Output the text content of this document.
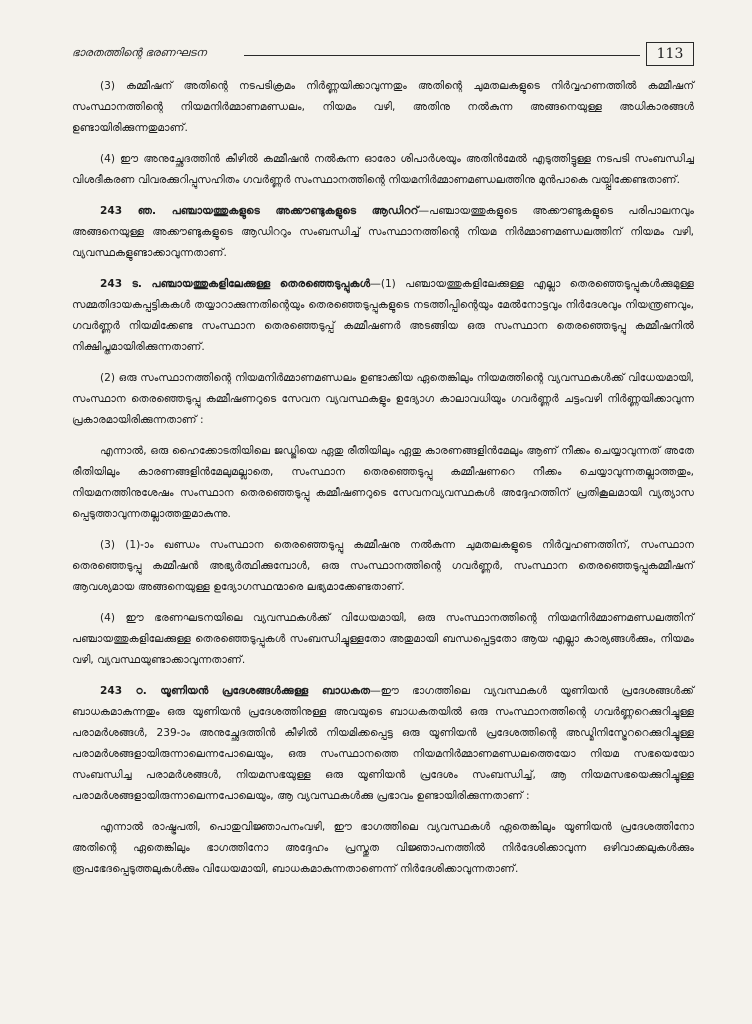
ഭാരതത്തിന്റെ ഭരണഘടന	113

(3) കമ്മീഷന് അതിന്റെ നടപടിക്രമം നിർണ്ണയിക്കാവുന്നതും അതിന്റെ ചുമതലകളുടെ നിർവ്വഹണത്തിൽ കമ്മീഷന് സംസ്ഥാനത്തിന്റെ നിയമനിർമ്മാണമണ്ഡലം, നിയമം വഴി, അതിനു നൽകുന്ന അങ്ങനെയുള്ള അധികാരങ്ങൾ ഉണ്ടായിരിക്കുന്നതുമാണ്.

(4) ഈ അനുച്ഛേദത്തിൻ കീഴിൽ കമ്മീഷൻ നൽകുന്ന ഓരോ ശിപാർശയും അതിൻമേൽ എടുത്തിട്ടുള്ള നടപടി സംബന്ധിച്ച വിശദീകരണ വിവരക്കുറിപ്പുസഹിതം ഗവർണ്ണർ സംസ്ഥാനത്തിന്റെ നിയമനിർമ്മാണമണ്ഡലത്തിനു മുൻപാകെ വയ്പ്പിക്കേണ്ടതാണ്.

243 ഞ. പഞ്ചായത്തുകളുടെ അക്കൗണ്ടുകളുടെ ആഡിററ്—പഞ്ചായത്തുകളുടെ അക്കൗണ്ടുകളുടെ പരിപാലനവും അങ്ങനെയുള്ള അക്കൗണ്ടുകളുടെ ആഡിററും സംബന്ധിച്ച് സംസ്ഥാനത്തിന്റെ നിയമ നിർമ്മാണമണ്ഡലത്തിന് നിയമം വഴി, വ്യവസ്ഥകളുണ്ടാക്കാവുന്നതാണ്.

243 ട. പഞ്ചായത്തുകളിലേക്കുള്ള തെരഞ്ഞെടുപ്പുകൾ—(1) പഞ്ചായത്തുകളിലേക്കുള്ള എല്ലാ തെരഞ്ഞെടുപ്പുകൾക്കുമുള്ള സമ്മതിദായകപ്പട്ടികകൾ തയ്യാറാക്കുന്നതിന്റെയും തെരഞ്ഞെടുപ്പുകളുടെ നടത്തിപ്പിന്റെയും മേൽനോട്ടവും നിർദേശവും നിയന്ത്രണവും, ഗവർണ്ണർ നിയമിക്കേണ്ട സംസ്ഥാന തെരഞ്ഞെടുപ്പ് കമ്മീഷണർ അടങ്ങിയ ഒരു സംസ്ഥാന തെരഞ്ഞെടുപ്പു കമ്മീഷനിൽ നിക്ഷിപ്തമായിരിക്കുന്നതാണ്.

(2) ഒരു സംസ്ഥാനത്തിന്റെ നിയമനിർമ്മാണമണ്ഡലം ഉണ്ടാക്കിയ ഏതെങ്കിലും നിയമത്തിന്റെ വ്യവസ്ഥകൾക്ക് വിധേയമായി, സംസ്ഥാന തെരഞ്ഞെടുപ്പു കമ്മീഷണറുടെ സേവന വ്യവസ്ഥകളും ഉദ്യോഗ കാലാവധിയും ഗവർണ്ണർ ചട്ടംവഴി നിർണ്ണയിക്കാവുന്ന പ്രകാരമായിരിക്കുന്നതാണ് :

എന്നാൽ, ഒരു ഹൈക്കോടതിയിലെ ജഡ്ജിയെ ഏതു രീതിയിലും ഏതു കാരണങ്ങളിൻമേലും ആണ് നീക്കം ചെയ്യാവുന്നത് അതേ രീതിയിലും കാരണങ്ങളിൻമേലുമല്ലാതെ, സംസ്ഥാന തെരഞ്ഞെടുപ്പു കമ്മീഷണറെ നീക്കം ചെയ്യാവുന്നതല്ലാത്തതും, നിയമനത്തിനുശേഷം സംസ്ഥാന തെരഞ്ഞെടുപ്പു കമ്മീഷണറുടെ സേവനവ്യവസ്ഥകൾ അദ്ദേഹത്തിന് പ്രതികൂലമായി വ്യത്യാസ പ്പെടുത്താവുന്നതല്ലാത്തതുമാകുന്നു.

(3) (1)-ാം ഖണ്ഡം സംസ്ഥാന തെരഞ്ഞെടുപ്പു കമ്മീഷനു നൽകുന്ന ചുമതലകളുടെ നിർവ്വഹണത്തിന്, സംസ്ഥാന തെരഞ്ഞെടുപ്പു കമ്മീഷൻ അഭ്യർത്ഥിക്കുമ്പോൾ, ഒരു സംസ്ഥാനത്തിന്റെ ഗവർണ്ണർ, സംസ്ഥാന തെരഞ്ഞെടുപ്പുകമ്മീഷന് ആവശ്യമായ അങ്ങനെയുള്ള ഉദ്യോഗസ്ഥന്മാരെ ലഭ്യമാക്കേണ്ടതാണ്.

(4) ഈ ഭരണഘടനയിലെ വ്യവസ്ഥകൾക്ക് വിധേയമായി, ഒരു സംസ്ഥാനത്തിന്റെ നിയമനിർമ്മാണമണ്ഡലത്തിന് പഞ്ചായത്തുകളിലേക്കുള്ള തെരഞ്ഞെടുപ്പുകൾ സംബന്ധിച്ചുള്ളതോ അതുമായി ബന്ധപ്പെട്ടതോ ആയ എല്ലാ കാര്യങ്ങൾക്കും, നിയമം വഴി, വ്യവസ്ഥയുണ്ടാക്കാവുന്നതാണ്.

243 ഠ. യൂണിയൻ പ്രദേശങ്ങൾക്കുള്ള ബാധകത—ഈ ഭാഗത്തിലെ വ്യവസ്ഥകൾ യൂണിയൻ പ്രദേശങ്ങൾക്ക് ബാധകമാകുന്നതും ഒരു യൂണിയൻ പ്രദേശത്തിനുള്ള അവയുടെ ബാധകതയിൽ ഒരു സംസ്ഥാനത്തിന്റെ ഗവർണ്ണറെക്കുറിച്ചുള്ള പരാമർശങ്ങൾ, 239-ാം അനുച്ഛേദത്തിൻ കീഴിൽ നിയമിക്കപ്പെട്ട ഒരു യൂണിയൻ പ്രദേശത്തിന്റെ അഡ്മിനിസ്ട്രേററെക്കുറിച്ചുള്ള പരാമർശങ്ങളായിരുന്നാലെന്നപോലെയും, ഒരു സംസ്ഥാനത്തെ നിയമനിർമ്മാണമണ്ഡലത്തെയോ നിയമ സഭയെയോ സംബന്ധിച്ച പരാമർശങ്ങൾ, നിയമസഭയുള്ള ഒരു യൂണിയൻ പ്രദേശം സംബന്ധിച്ച്, ആ നിയമസഭയെക്കുറിച്ചുള്ള പരാമർശങ്ങളായിരുന്നാലെന്നപോലെയും, ആ വ്യവസ്ഥകൾക്കു പ്രഭാവം ഉണ്ടായിരിക്കുന്നതാണ് :

എന്നാൽ രാഷ്ട്രപതി, പൊതുവിജ്ഞാപനംവഴി, ഈ ഭാഗത്തിലെ വ്യവസ്ഥകൾ ഏതെങ്കിലും യൂണിയൻ പ്രദേശത്തിനോ അതിന്റെ ഏതെങ്കിലും ഭാഗത്തിനോ അദ്ദേഹം പ്രസ്തുത വിജ്ഞാപനത്തിൽ നിർദേശിക്കാവുന്ന ഒഴിവാക്കലുകൾക്കും രൂപഭേദപ്പെടുത്തലുകൾക്കും വിധേയമായി, ബാധകമാകുന്നതാണെന്ന് നിർദേശിക്കാവുന്നതാണ്.
